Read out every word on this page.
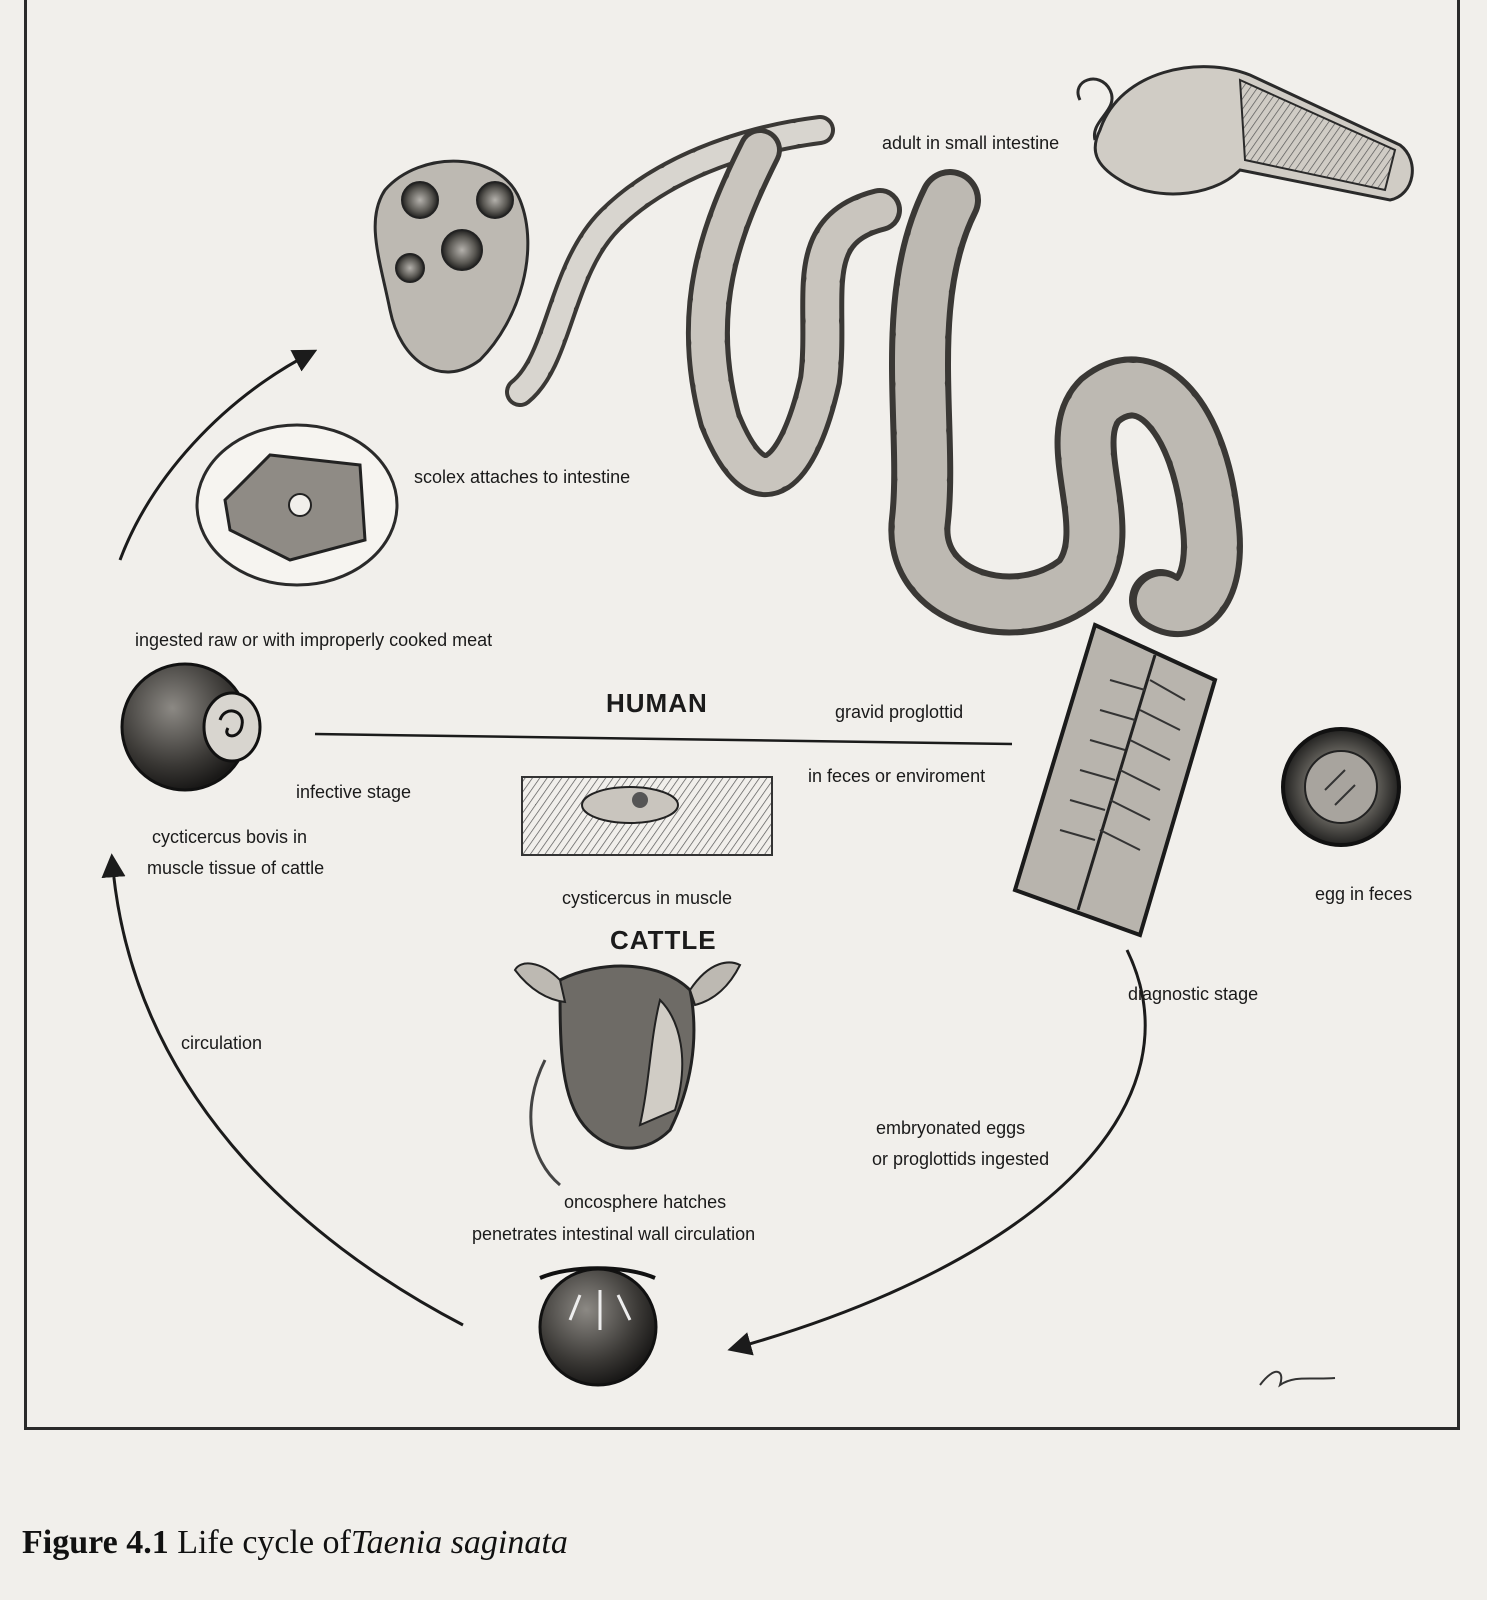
adult in small intestine
scolex attaches to intestine
ingested raw or with improperly cooked meat
HUMAN	gravid proglottid
in feces or enviroment
infective stage
cycticercus bovis in
muscle tissue of cattle
cysticercus in muscle	egg in feces
CATTLE
diagnostic stage
circulation
embryonated eggs
or proglottids ingested
oncosphere hatches
penetrates intestinal wall circulation
Figure 4.1 Life cycle ofTaenia saginata
